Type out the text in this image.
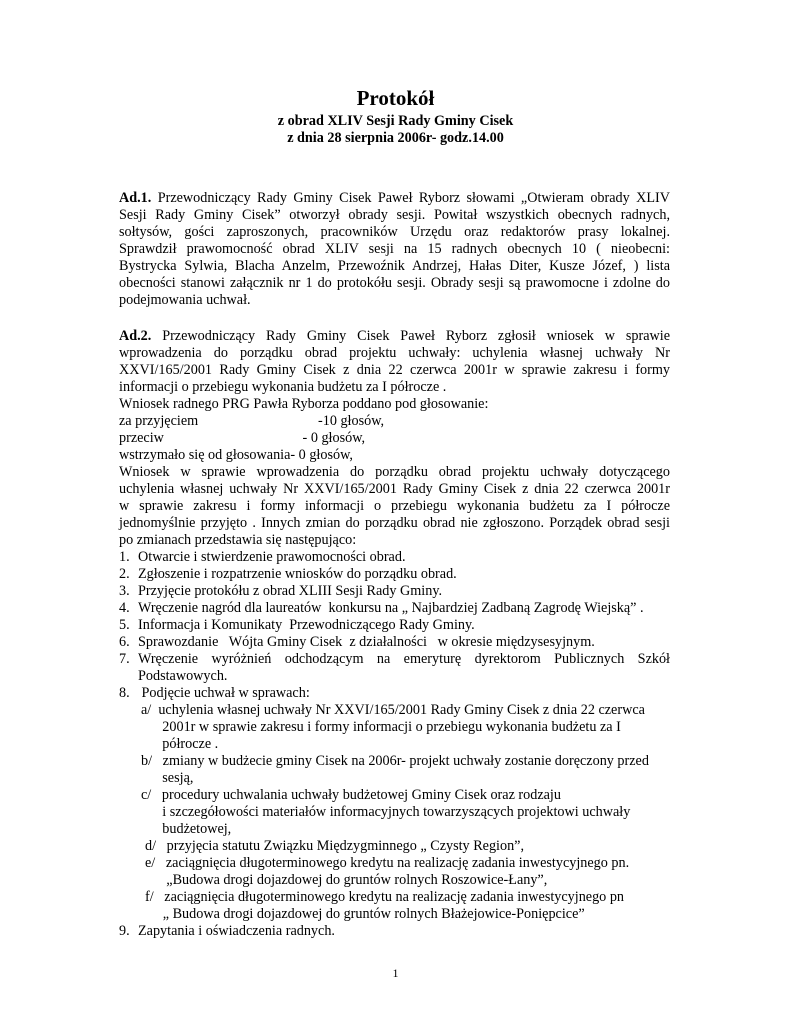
Protokół
z obrad XLIV Sesji Rady Gminy Cisek
z dnia 28 sierpnia 2006r- godz.14.00
Ad.1. Przewodniczący Rady Gminy Cisek Paweł Ryborz słowami „Otwieram obrady XLIV
Sesji Rady Gminy Cisek” otworzył obrady sesji. Powitał wszystkich obecnych radnych,
sołtysów, gości zaproszonych, pracowników Urzędu oraz redaktorów prasy lokalnej.
Sprawdził prawomocność obrad XLIV sesji na 15 radnych obecnych 10 ( nieobecni:
Bystrycka Sylwia, Blacha Anzelm, Przewoźnik Andrzej, Hałas Diter, Kusze Józef, ) lista
obecności stanowi załącznik nr 1 do protokółu sesji. Obrady sesji są prawomocne i zdolne do
podejmowania uchwał.
Ad.2. Przewodniczący Rady Gminy Cisek Paweł Ryborz zgłosił wniosek w sprawie
wprowadzenia do porządku obrad projektu uchwały: uchylenia własnej uchwały Nr
XXVI/165/2001 Rady Gminy Cisek z dnia 22 czerwca 2001r w sprawie zakresu i formy
informacji o przebiegu wykonania budżetu za I półrocze .
Wniosek radnego PRG Pawła Ryborza poddano pod głosowanie:
za przyjęciem	-10 głosów,
przeciw	- 0 głosów,
wstrzymało się od głosowania - 0 głosów,
Wniosek w sprawie wprowadzenia do porządku obrad projektu uchwały dotyczącego
uchylenia własnej uchwały Nr XXVI/165/2001 Rady Gminy Cisek z dnia 22 czerwca 2001r
w sprawie zakresu i formy informacji o przebiegu wykonania budżetu za I półrocze
jednomyślnie przyjęto . Innych zmian do porządku obrad nie zgłoszono. Porządek obrad sesji
po zmianach przedstawia się następująco:
1. Otwarcie i stwierdzenie prawomocności obrad.
2. Zgłoszenie i rozpatrzenie wniosków do porządku obrad.
3. Przyjęcie protokółu z obrad XLIII Sesji Rady Gminy.
4. Wręczenie nagród dla laureatów  konkursu na „ Najbardziej Zadbaną Zagrodę Wiejską” .
5. Informacja i Komunikaty  Przewodniczącego Rady Gminy.
6. Sprawozdanie   Wójta Gminy Cisek  z działalności   w okresie międzysesyjnym.
7. Wręczenie wyróżnień odchodzącym na emeryturę dyrektorom Publicznych Szkół
Podstawowych.
8. Podjęcie uchwał w sprawach:
a/  uchylenia własnej uchwały Nr XXVI/165/2001 Rady Gminy Cisek z dnia 22 czerwca
2001r w sprawie zakresu i formy informacji o przebiegu wykonania budżetu za I
półrocze .
b/   zmiany w budżecie gminy Cisek na 2006r- projekt uchwały zostanie doręczony przed
sesją,
c/   procedury uchwalania uchwały budżetowej Gminy Cisek oraz rodzaju
i szczegółowości materiałów informacyjnych towarzyszących projektowi uchwały
budżetowej,
d/   przyjęcia statutu Związku Międzygminnego „ Czysty Region”,
e/   zaciągnięcia długoterminowego kredytu na realizację zadania inwestycyjnego pn.
„Budowa drogi dojazdowej do gruntów rolnych Roszowice-Łany”,
f/   zaciągnięcia długoterminowego kredytu na realizację zadania inwestycyjnego pn
„ Budowa drogi dojazdowej do gruntów rolnych Błażejowice-Poniępcice”
9. Zapytania i oświadczenia radnych.
1
